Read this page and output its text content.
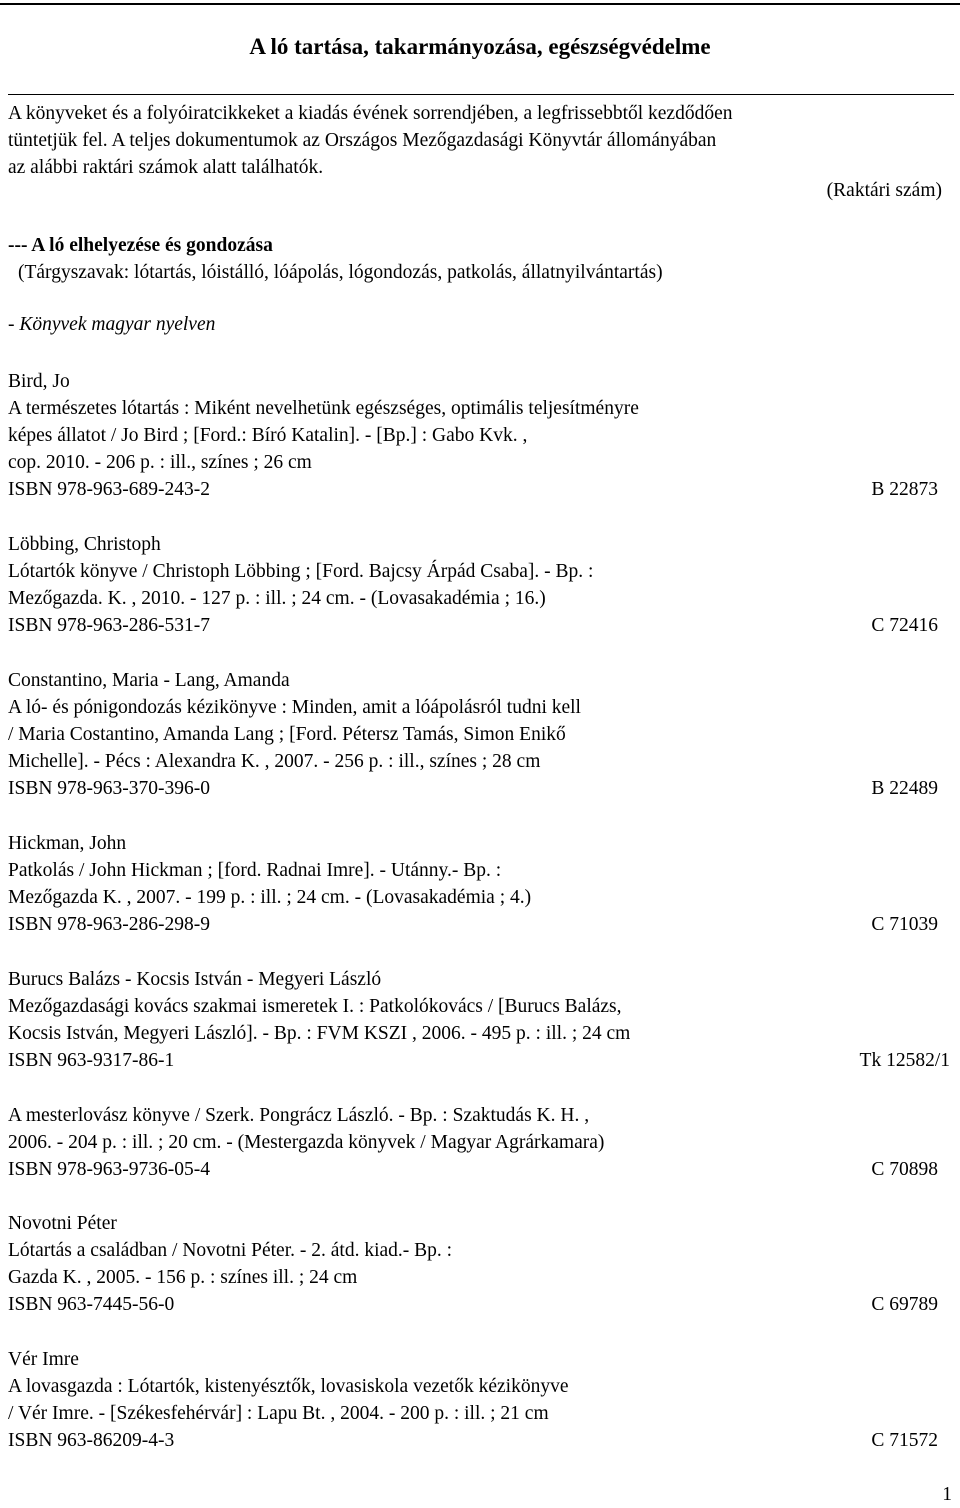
A ló tartása, takarmányozása, egészségvédelme
A könyveket és a folyóiratcikkeket a kiadás évének sorrendjében, a legfrissebbtől kezdődően
tüntetjük fel. A teljes dokumentumok az Országos Mezőgazdasági Könyvtár állományában
az alábbi raktári számok alatt találhatók.
(Raktári szám)
--- A ló elhelyezése és gondozása
(Tárgyszavak: lótartás, lóistálló, lóápolás, lógondozás, patkolás, állatnyilvántartás)
- Könyvek magyar nyelven
Bird, Jo
A természetes lótartás : Miként nevelhetünk egészséges, optimális teljesítményre
képes állatot / Jo Bird ; [Ford.: Bíró Katalin]. - [Bp.] : Gabo Kvk. ,
cop. 2010. - 206 p. : ill., színes ; 26 cm
ISBN 978-963-689-243-2	B 22873
Löbbing, Christoph
Lótartók könyve / Christoph Löbbing ; [Ford. Bajcsy Árpád Csaba]. - Bp. :
Mezőgazda. K. , 2010. - 127 p. : ill. ; 24 cm. - (Lovasakadémia ; 16.)
ISBN 978-963-286-531-7	C 72416
Constantino, Maria - Lang, Amanda
A ló- és pónigondozás kézikönyve : Minden, amit a lóápolásról tudni kell
/ Maria Costantino, Amanda Lang ; [Ford. Pétersz Tamás, Simon Enikő
Michelle]. - Pécs : Alexandra K. , 2007. - 256 p. : ill., színes ; 28 cm
ISBN 978-963-370-396-0	B 22489
Hickman, John
Patkolás / John Hickman ; [ford. Radnai Imre]. - Utánny.- Bp. :
Mezőgazda K. , 2007. - 199 p. : ill. ; 24 cm. - (Lovasakadémia ; 4.)
ISBN 978-963-286-298-9	C 71039
Burucs Balázs - Kocsis István - Megyeri László
Mezőgazdasági kovács szakmai ismeretek I. : Patkolókovács / [Burucs Balázs,
Kocsis István, Megyeri László]. - Bp. : FVM KSZI , 2006. - 495 p. : ill. ; 24 cm
ISBN 963-9317-86-1	Tk 12582/1
A mesterlovász könyve / Szerk. Pongrácz László. - Bp. : Szaktudás K. H. ,
2006. - 204 p. : ill. ; 20 cm. - (Mestergazda könyvek / Magyar Agrárkamara)
ISBN 978-963-9736-05-4	C 70898
Novotni Péter
Lótartás a családban / Novotni Péter. - 2. átd. kiad.- Bp. :
Gazda K. , 2005. - 156 p. : színes ill. ; 24 cm
ISBN 963-7445-56-0	C 69789
Vér Imre
A lovasgazda : Lótartók, kistenyésztők, lovasiskola vezetők kézikönyve
/ Vér Imre. - [Székesfehérvár] : Lapu Bt. , 2004. - 200 p. : ill. ; 21 cm
ISBN 963-86209-4-3	C 71572
1
